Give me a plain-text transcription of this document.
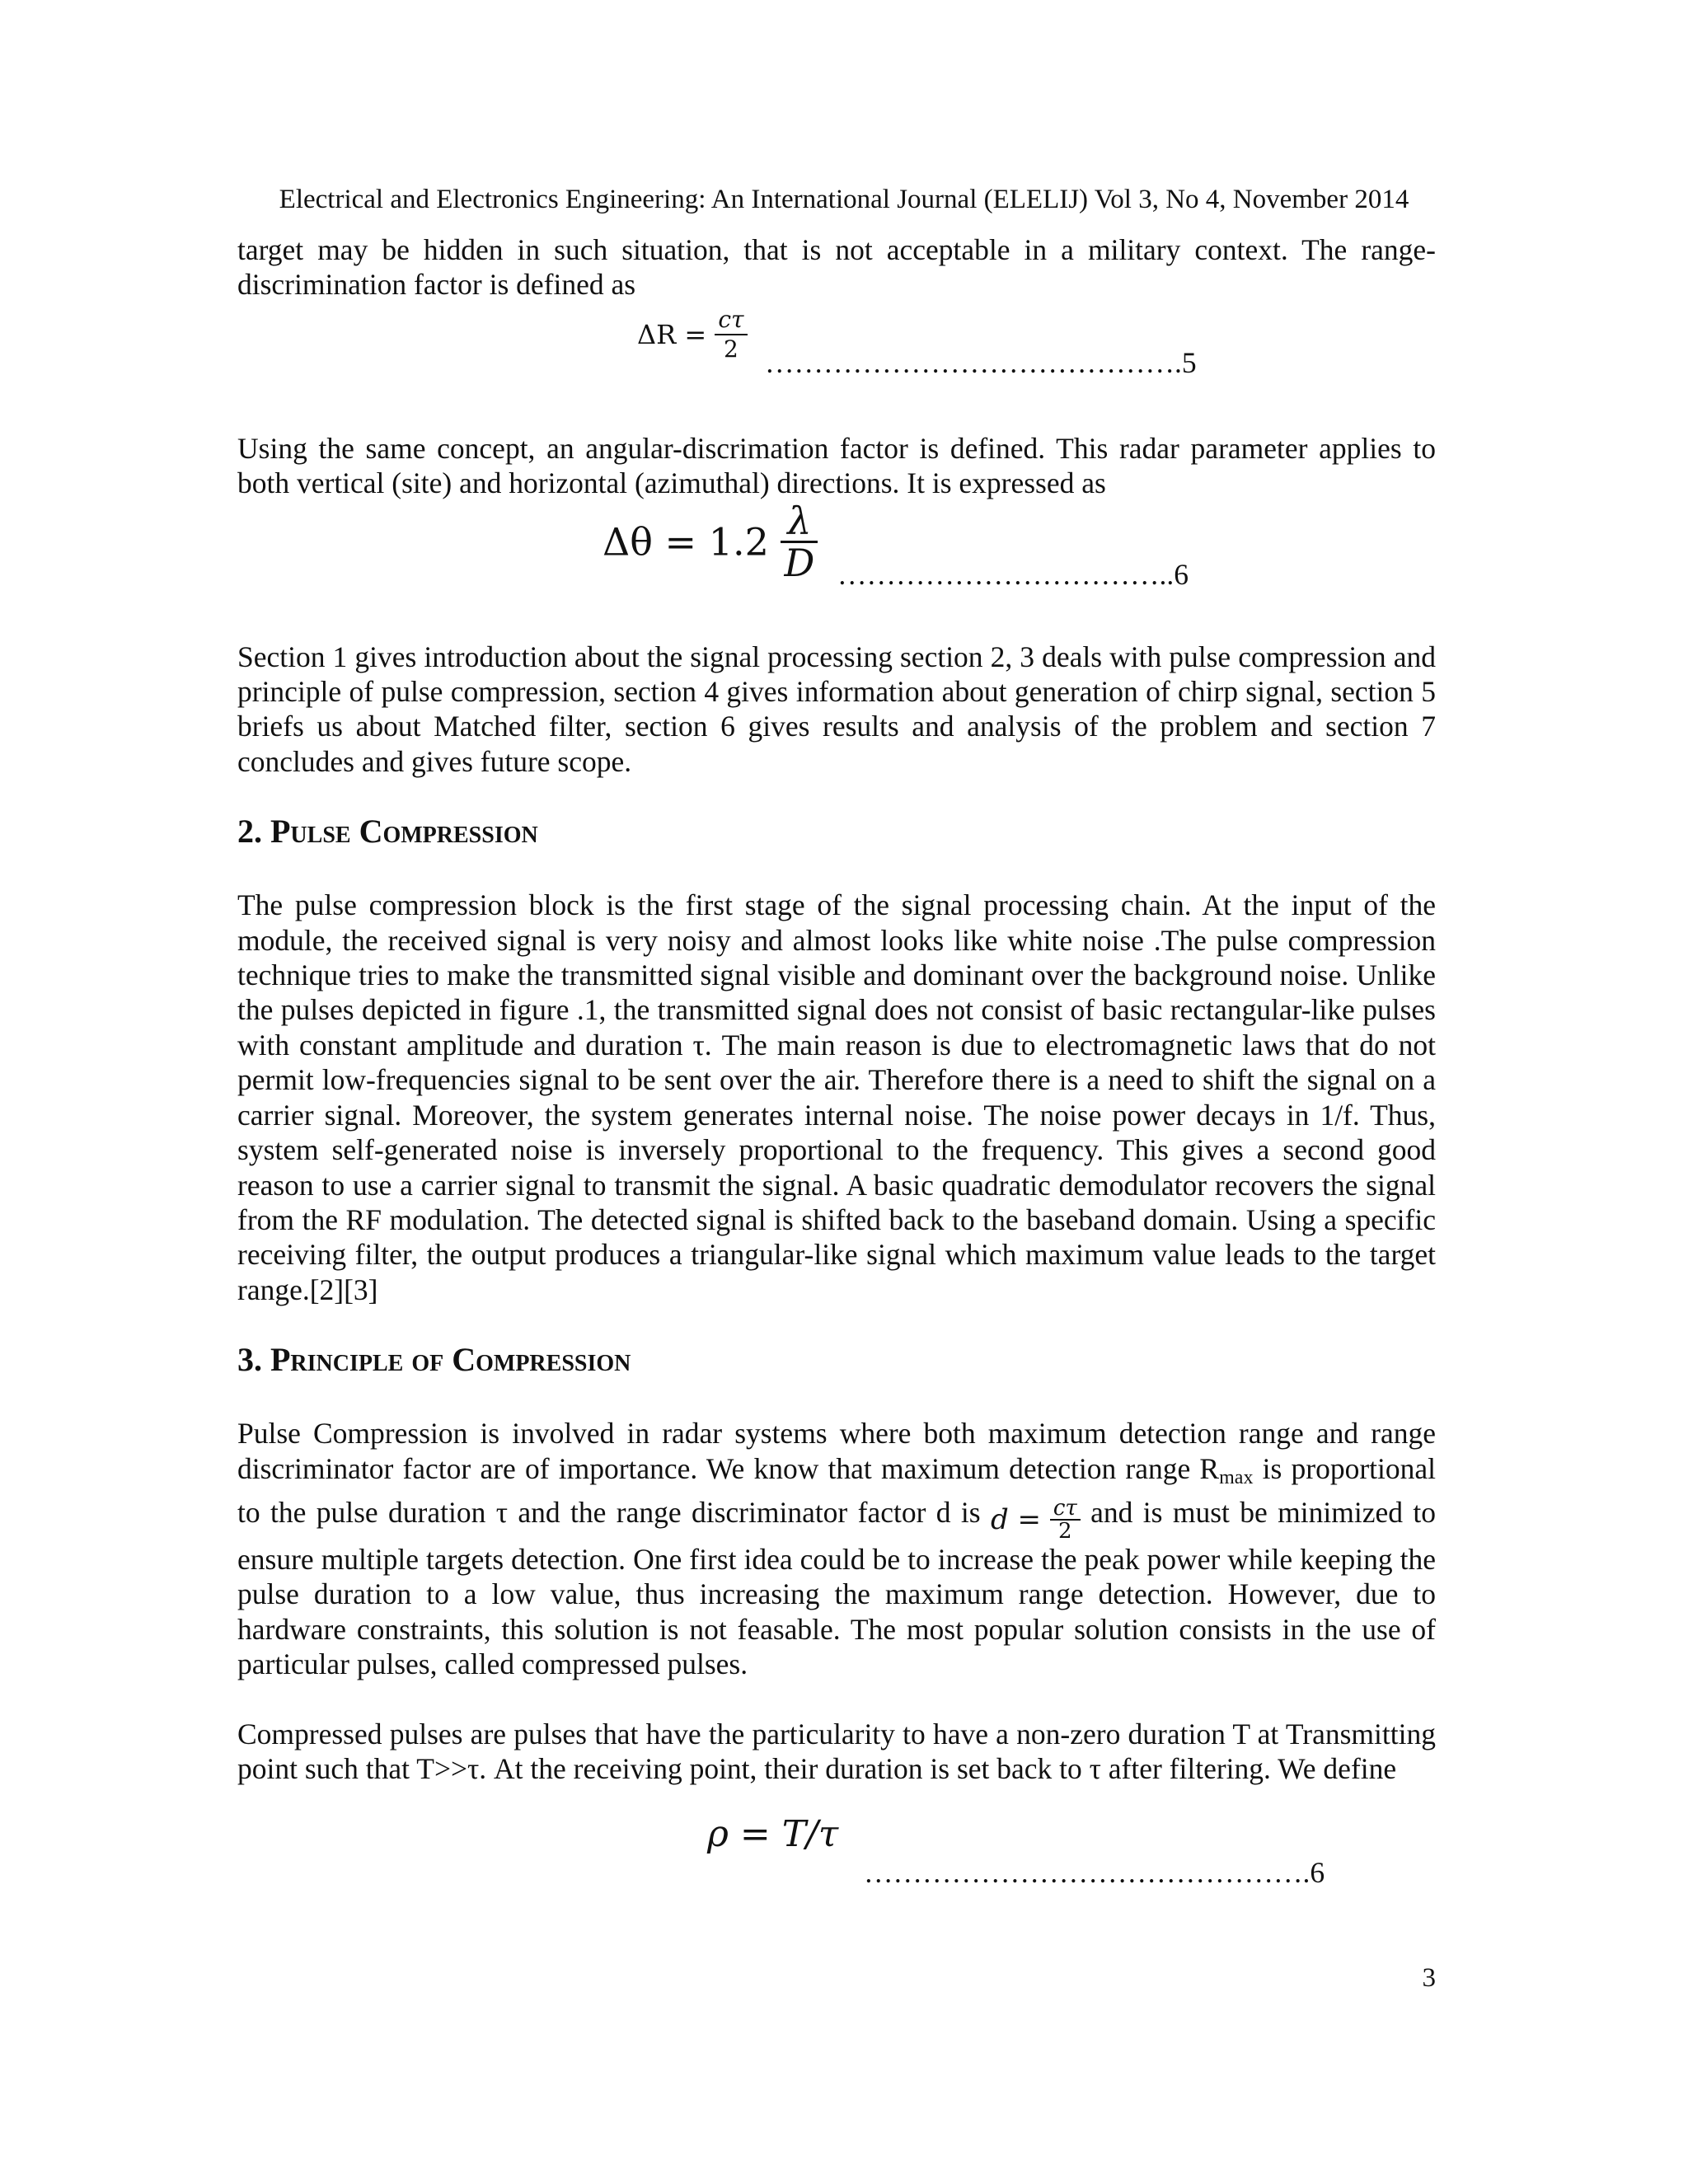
Electrical and Electronics Engineering: An International Journal (ELELIJ) Vol 3, No 4, November 2014

target may be hidden in such situation, that is not acceptable in a military context. The range-discrimination factor is defined as

$\Delta R = \frac{c\tau}{2}$ …………………………………….5

Using the same concept, an angular-discrimation factor is defined. This radar parameter applies to both vertical (site) and horizontal (azimuthal) directions. It is expressed as

$\Delta\theta = 1.2 \frac{\lambda}{D}$ ……………………………..6

Section 1 gives introduction about the signal processing section 2, 3 deals with pulse compression and principle of pulse compression, section 4 gives information about generation of chirp signal, section 5 briefs us about Matched filter, section 6 gives results and analysis of the problem and section 7 concludes and gives future scope.

2. Pulse Compression

The pulse compression block is the first stage of the signal processing chain. At the input of the module, the received signal is very noisy and almost looks like white noise .The pulse compression technique tries to make the transmitted signal visible and dominant over the background noise. Unlike the pulses depicted in figure .1, the transmitted signal does not consist of basic rectangular-like pulses with constant amplitude and duration τ. The main reason is due to electromagnetic laws that do not permit low-frequencies signal to be sent over the air. Therefore there is a need to shift the signal on a carrier signal. Moreover, the system generates internal noise. The noise power decays in 1/f. Thus, system self-generated noise is inversely proportional to the frequency. This gives a second good reason to use a carrier signal to transmit the signal. A basic quadratic demodulator recovers the signal from the RF modulation. The detected signal is shifted back to the baseband domain. Using a specific receiving filter, the output produces a triangular-like signal which maximum value leads to the target range.[2][3]

3. Principle of Compression

Pulse Compression is involved in radar systems where both maximum detection range and range discriminator factor are of importance. We know that maximum detection range $R_{max}$ is proportional to the pulse duration τ and the range discriminator factor d is $d = \frac{c\tau}{2}$ and is must be minimized to ensure multiple targets detection. One first idea could be to increase the peak power while keeping the pulse duration to a low value, thus increasing the maximum range detection. However, due to hardware constraints, this solution is not feasable. The most popular solution consists in the use of particular pulses, called compressed pulses.

Compressed pulses are pulses that have the particularity to have a non-zero duration T at Transmitting point such that T>>τ. At the receiving point, their duration is set back to τ after filtering. We define

ρ = T/τ
……………………………………….6
3
